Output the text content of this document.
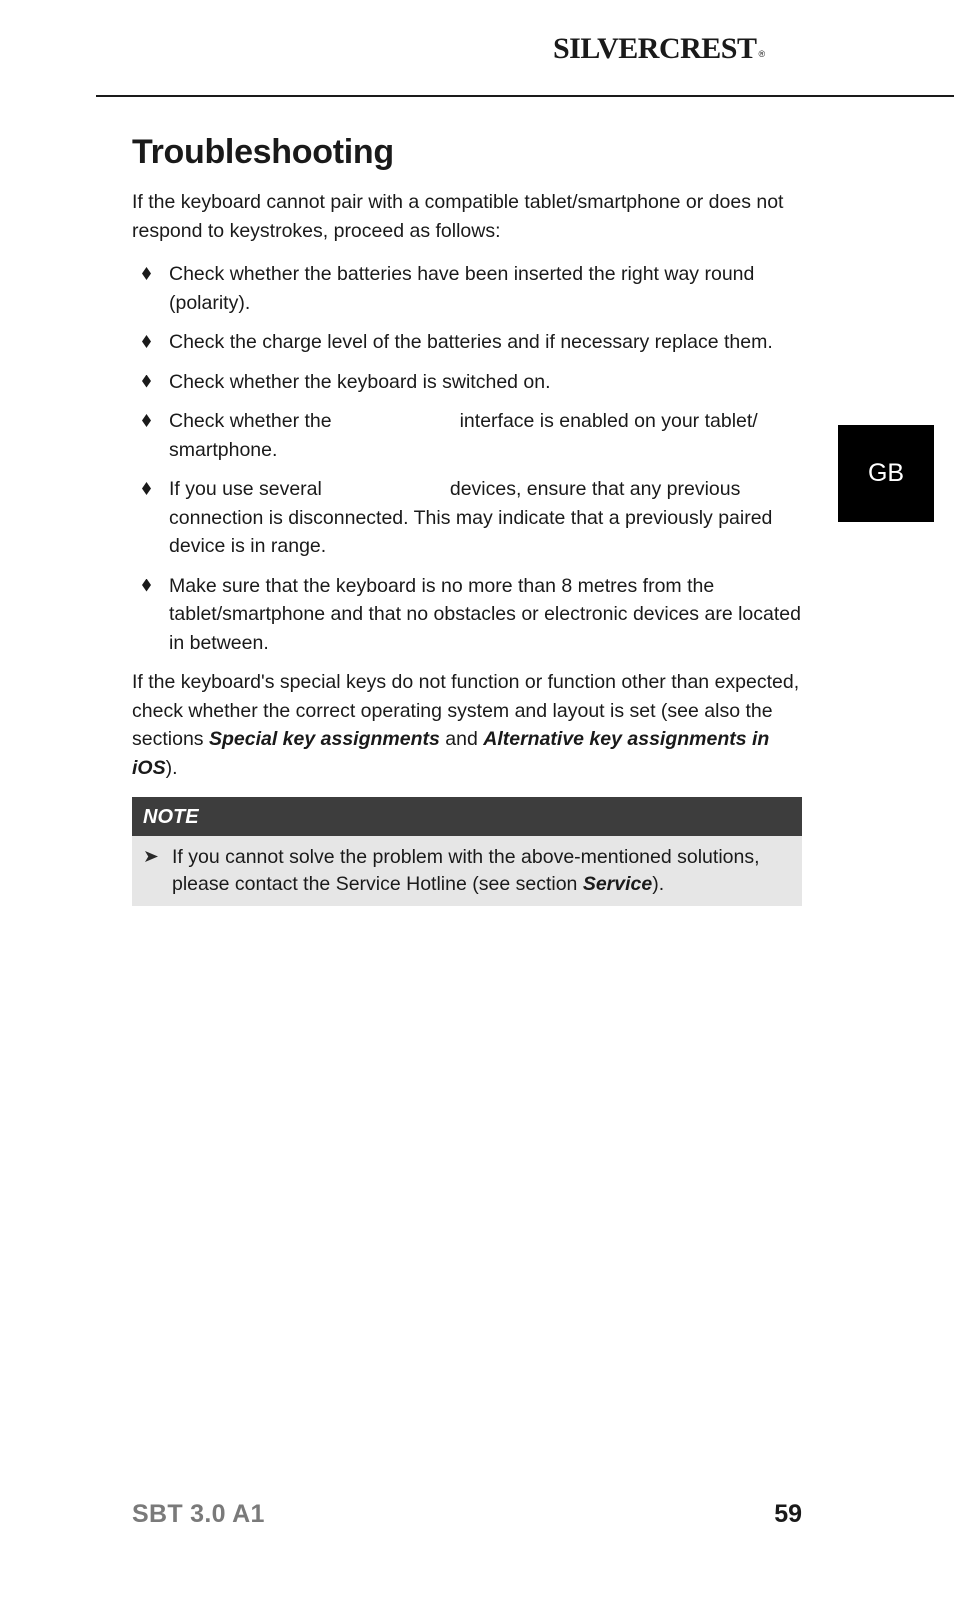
SILVERCREST ®
GB
Troubleshooting

If the keyboard cannot pair with a compatible tablet/smartphone or does not respond to keystrokes, proceed as follows:

Check whether the batteries have been inserted the right way round (polarity).
Check the charge level of the batteries and if necessary replace them.
Check whether the keyboard is switched on.
Check whether the	interface is enabled on your tablet/ smartphone.
If you use several	devices, ensure that any previous connection is disconnected. This may indicate that a previously paired device is in range.
Make sure that the keyboard is no more than 8 metres from the tablet/smartphone and that no obstacles or electronic devices are located in between.

If the keyboard's special keys do not function or function other than expected, check whether the correct operating system and layout is set (see also the sections Special key assignments and Alternative key assignments in iOS).

NOTE
If you cannot solve the problem with the above-mentioned solutions, please contact the Service Hotline (see section Service).
SBT 3.0 A1	59
